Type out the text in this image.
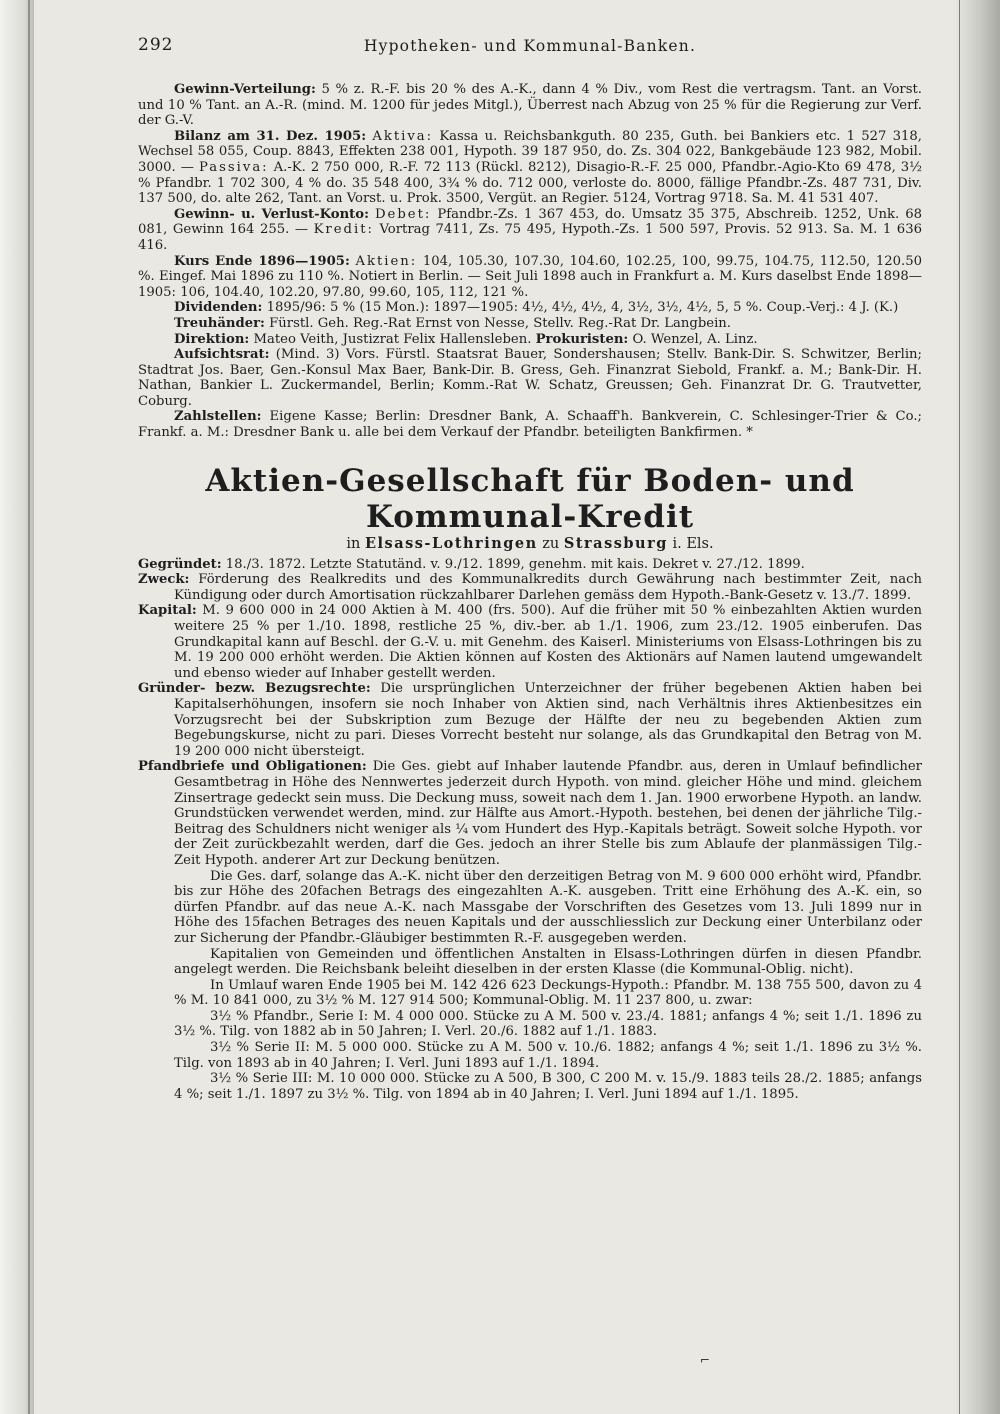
292	Hypotheken- und Kommunal-Banken.

Gewinn-Verteilung: 5 % z. R.-F. bis 20 % des A.-K., dann 4 % Div., vom Rest die vertragsm. Tant. an Vorst. und 10 % Tant. an A.-R. (mind. M. 1200 für jedes Mitgl.), Überrest nach Abzug von 25 % für die Regierung zur Verf. der G.-V.

Bilanz am 31. Dez. 1905: Aktiva: Kassa u. Reichsbankguth. 80 235, Guth. bei Bankiers etc. 1 527 318, Wechsel 58 055, Coup. 8843, Effekten 238 001, Hypoth. 39 187 950, do. Zs. 304 022, Bankgebäude 123 982, Mobil. 3000. — Passiva: A.-K. 2 750 000, R.-F. 72 113 (Rückl. 8212), Disagio-R.-F. 25 000, Pfandbr.-Agio-Kto 69 478, 3½ % Pfandbr. 1 702 300, 4 % do. 35 548 400, 3¾ % do. 712 000, verloste do. 8000, fällige Pfandbr.-Zs. 487 731, Div. 137 500, do. alte 262, Tant. an Vorst. u. Prok. 3500, Vergüt. an Regier. 5124, Vortrag 9718. Sa. M. 41 531 407.

Gewinn- u. Verlust-Konto: Debet: Pfandbr.-Zs. 1 367 453, do. Umsatz 35 375, Abschreib. 1252, Unk. 68 081, Gewinn 164 255. — Kredit: Vortrag 7411, Zs. 75 495, Hypoth.-Zs. 1 500 597, Provis. 52 913. Sa. M. 1 636 416.

Kurs Ende 1896—1905: Aktien: 104, 105.30, 107.30, 104.60, 102.25, 100, 99.75, 104.75, 112.50, 120.50 %. Eingef. Mai 1896 zu 110 %. Notiert in Berlin. — Seit Juli 1898 auch in Frankfurt a. M. Kurs daselbst Ende 1898—1905: 106, 104.40, 102.20, 97.80, 99.60, 105, 112, 121 %.

Dividenden: 1895/96: 5 % (15 Mon.): 1897—1905: 4½, 4½, 4½, 4, 3½, 3½, 4½, 5, 5 %. Coup.-Verj.: 4 J. (K.)

Treuhänder: Fürstl. Geh. Reg.-Rat Ernst von Nesse, Stellv. Reg.-Rat Dr. Langbein.

Direktion: Mateo Veith, Justizrat Felix Hallensleben. Prokuristen: O. Wenzel, A. Linz.

Aufsichtsrat: (Mind. 3) Vors. Fürstl. Staatsrat Bauer, Sondershausen; Stellv. Bank-Dir. S. Schwitzer, Berlin; Stadtrat Jos. Baer, Gen.-Konsul Max Baer, Bank-Dir. B. Gress, Geh. Finanzrat Siebold, Frankf. a. M.; Bank-Dir. H. Nathan, Bankier L. Zuckermandel, Berlin; Komm.-Rat W. Schatz, Greussen; Geh. Finanzrat Dr. G. Trautvetter, Coburg.

Zahlstellen: Eigene Kasse; Berlin: Dresdner Bank, A. Schaaff'h. Bankverein, C. Schlesinger-Trier & Co.; Frankf. a. M.: Dresdner Bank u. alle bei dem Verkauf der Pfandbr. beteiligten Bankfirmen. *

Aktien-Gesellschaft für Boden- und Kommunal-Kredit
in Elsass-Lothringen zu Strassburg i. Els.

Gegründet: 18./3. 1872. Letzte Statutänd. v. 9./12. 1899, genehm. mit kais. Dekret v. 27./12. 1899.

Zweck: Förderung des Realkredits und des Kommunalkredits durch Gewährung nach bestimmter Zeit, nach Kündigung oder durch Amortisation rückzahlbarer Darlehen gemäss dem Hypoth.-Bank-Gesetz v. 13./7. 1899.

Kapital: M. 9 600 000 in 24 000 Aktien à M. 400 (frs. 500). Auf die früher mit 50 % einbezahlten Aktien wurden weitere 25 % per 1./10. 1898, restliche 25 %, div.-ber. ab 1./1. 1906, zum 23./12. 1905 einberufen. Das Grundkapital kann auf Beschl. der G.-V. u. mit Genehm. des Kaiserl. Ministeriums von Elsass-Lothringen bis zu M. 19 200 000 erhöht werden. Die Aktien können auf Kosten des Aktionärs auf Namen lautend umgewandelt und ebenso wieder auf Inhaber gestellt werden.

Gründer- bezw. Bezugsrechte: Die ursprünglichen Unterzeichner der früher begebenen Aktien haben bei Kapitalserhöhungen, insofern sie noch Inhaber von Aktien sind, nach Verhältnis ihres Aktienbesitzes ein Vorzugsrecht bei der Subskription zum Bezuge der Hälfte der neu zu begebenden Aktien zum Begebungskurse, nicht zu pari. Dieses Vorrecht besteht nur solange, als das Grundkapital den Betrag von M. 19 200 000 nicht übersteigt.

Pfandbriefe und Obligationen: Die Ges. giebt auf Inhaber lautende Pfandbr. aus, deren in Umlauf befindlicher Gesamtbetrag in Höhe des Nennwertes jederzeit durch Hypoth. von mind. gleicher Höhe und mind. gleichem Zinsertrage gedeckt sein muss. Die Deckung muss, soweit nach dem 1. Jan. 1900 erworbene Hypoth. an landw. Grundstücken verwendet werden, mind. zur Hälfte aus Amort.-Hypoth. bestehen, bei denen der jährliche Tilg.-Beitrag des Schuldners nicht weniger als ¼ vom Hundert des Hyp.-Kapitals beträgt. Soweit solche Hypoth. vor der Zeit zurückbezahlt werden, darf die Ges. jedoch an ihrer Stelle bis zum Ablaufe der planmässigen Tilg.-Zeit Hypoth. anderer Art zur Deckung benützen.

Die Ges. darf, solange das A.-K. nicht über den derzeitigen Betrag von M. 9 600 000 erhöht wird, Pfandbr. bis zur Höhe des 20fachen Betrags des eingezahlten A.-K. ausgeben. Tritt eine Erhöhung des A.-K. ein, so dürfen Pfandbr. auf das neue A.-K. nach Massgabe der Vorschriften des Gesetzes vom 13. Juli 1899 nur in Höhe des 15fachen Betrages des neuen Kapitals und der ausschliesslich zur Deckung einer Unterbilanz oder zur Sicherung der Pfandbr.-Gläubiger bestimmten R.-F. ausgegeben werden.

Kapitalien von Gemeinden und öffentlichen Anstalten in Elsass-Lothringen dürfen in diesen Pfandbr. angelegt werden. Die Reichsbank beleiht dieselben in der ersten Klasse (die Kommunal-Oblig. nicht).

In Umlauf waren Ende 1905 bei M. 142 426 623 Deckungs-Hypoth.: Pfandbr. M. 138 755 500, davon zu 4 % M. 10 841 000, zu 3½ % M. 127 914 500; Kommunal-Oblig. M. 11 237 800, u. zwar:

3½ % Pfandbr., Serie I: M. 4 000 000. Stücke zu A M. 500 v. 23./4. 1881; anfangs 4 %; seit 1./1. 1896 zu 3½ %. Tilg. von 1882 ab in 50 Jahren; I. Verl. 20./6. 1882 auf 1./1. 1883.

3½ % Serie II: M. 5 000 000. Stücke zu A M. 500 v. 10./6. 1882; anfangs 4 %; seit 1./1. 1896 zu 3½ %. Tilg. von 1893 ab in 40 Jahren; I. Verl. Juni 1893 auf 1./1. 1894.

3½ % Serie III: M. 10 000 000. Stücke zu A 500, B 300, C 200 M. v. 15./9. 1883 teils 28./2. 1885; anfangs 4 %; seit 1./1. 1897 zu 3½ %. Tilg. von 1894 ab in 40 Jahren; I. Verl. Juni 1894 auf 1./1. 1895.

⌐
